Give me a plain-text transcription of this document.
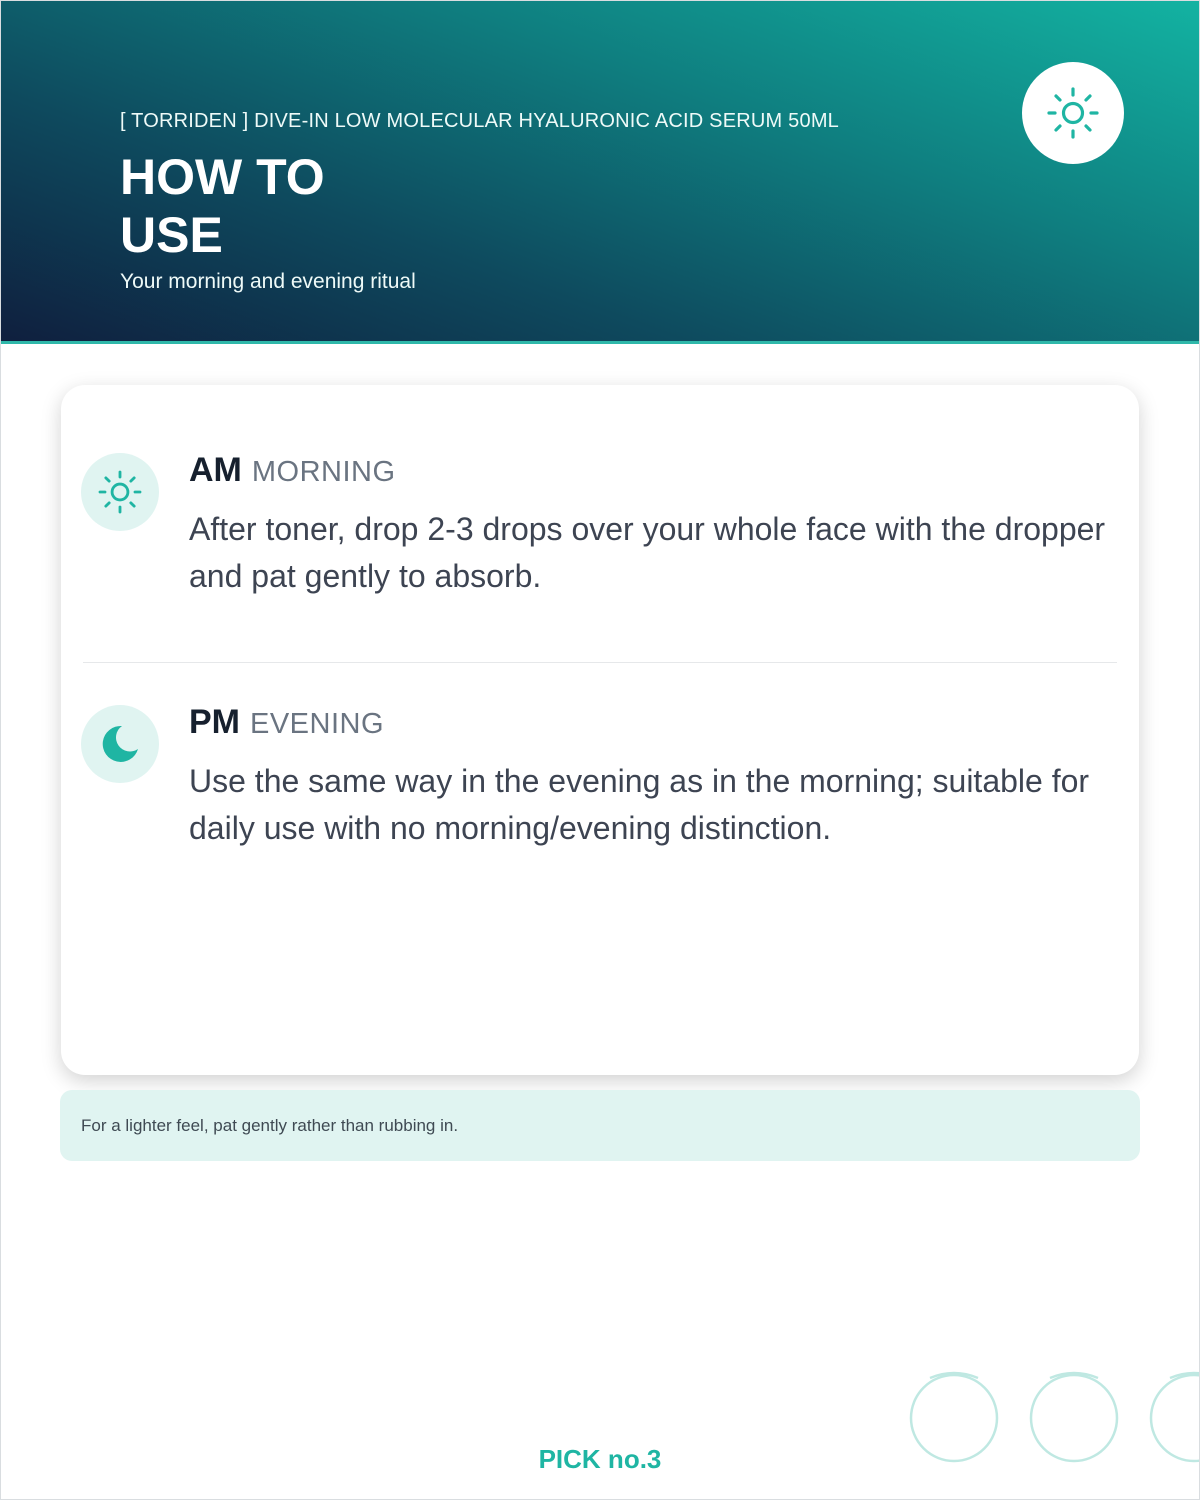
[ TORRIDEN ] DIVE-IN LOW MOLECULAR HYALURONIC ACID SERUM 50ML
HOW TO USE
Your morning and evening ritual
AM MORNING

After toner, drop 2-3 drops over your whole face with the dropper and pat gently to absorb.

PM EVENING

Use the same way in the evening as in the morning; suitable for daily use with no morning/evening distinction.

For a lighter feel, pat gently rather than rubbing in.
PICK no.3
